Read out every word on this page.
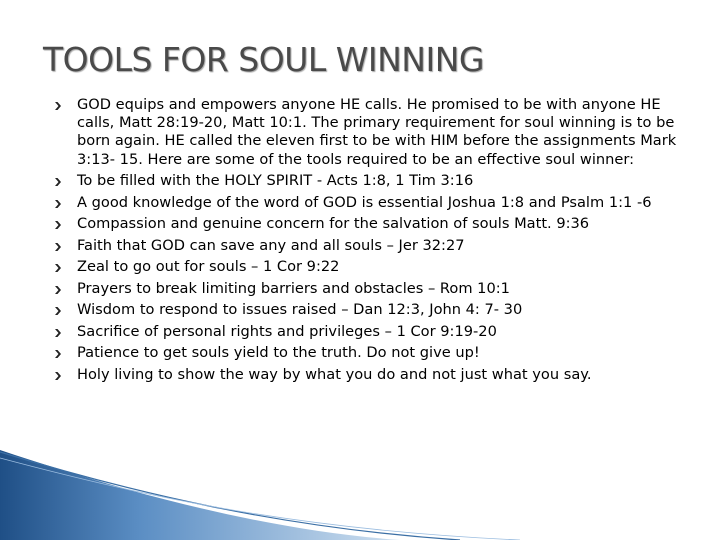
TOOLS FOR SOUL WINNING
GOD equips and empowers anyone HE calls. He promised to be with anyone HE calls, Matt 28:19-20, Matt 10:1. The primary requirement for soul winning is to be born again. HE called the eleven first to be with HIM before the assignments Mark 3:13- 15. Here are some of the tools required to be an effective soul winner:
To be filled with the HOLY SPIRIT - Acts 1:8, 1 Tim 3:16
A good knowledge of the word of GOD is essential Joshua 1:8 and Psalm 1:1 -6
Compassion and genuine concern for the salvation of souls Matt. 9:36
Faith that GOD can save any and all souls – Jer 32:27
Zeal to go out for souls – 1 Cor 9:22
Prayers to break limiting barriers and obstacles – Rom 10:1
Wisdom to respond to issues raised – Dan 12:3, John 4: 7- 30
Sacrifice of personal rights and privileges – 1 Cor 9:19-20
Patience to get souls yield to the truth. Do not give up!
Holy living to show the way by what you do and not just what you say.
